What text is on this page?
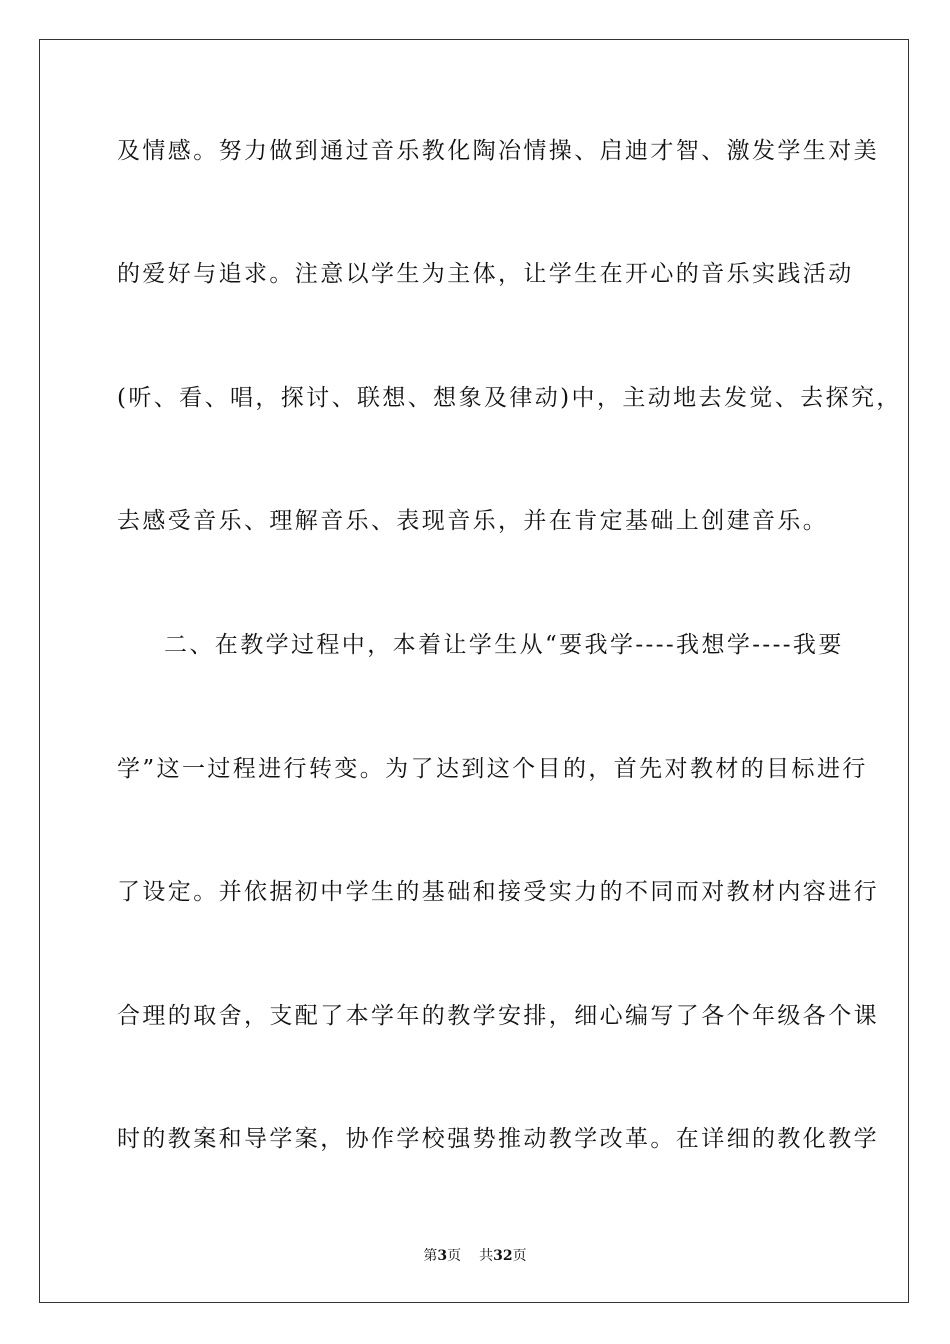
及情感。努力做到通过音乐教化陶冶情操、启迪才智、激发学生对美
的爱好与追求。注意以学生为主体，让学生在开心的音乐实践活动
(听、看、唱，探讨、联想、想象及律动)中，主动地去发觉、去探究，
去感受音乐、理解音乐、表现音乐，并在肯定基础上创建音乐。
二、在教学过程中，本着让学生从“要我学----我想学----我要
学”这一过程进行转变。为了达到这个目的，首先对教材的目标进行
了设定。并依据初中学生的基础和接受实力的不同而对教材内容进行
合理的取舍，支配了本学年的教学安排，细心编写了各个年级各个课
时的教案和导学案，协作学校强势推动教学改革。在详细的教化教学
第3页 共32页
